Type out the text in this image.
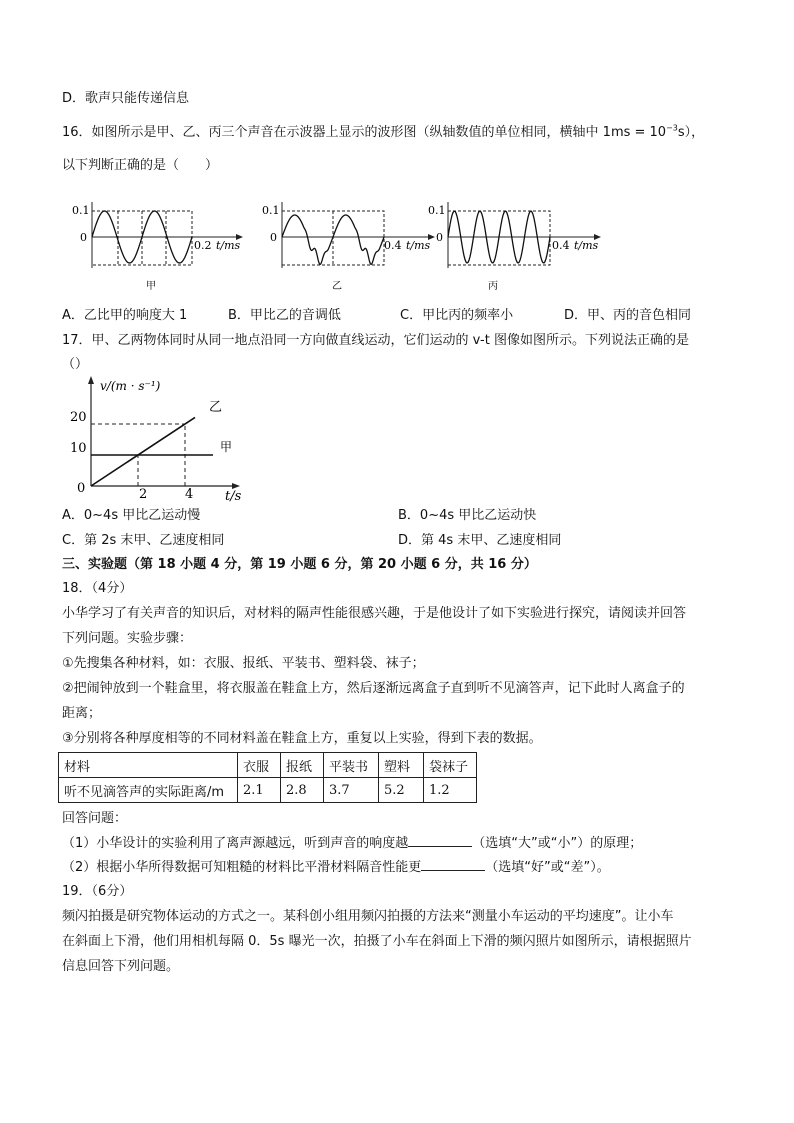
D．歌声只能传递信息
16．如图所示是甲、乙、丙三个声音在示波器上显示的波形图（纵轴数值的单位相同，横轴中 $1ms = 10^{-3}s$），
以下判断正确的是（　　）
0.1
0
0.2 t/ms
甲
0.1
0
0.4 t/ms
乙
0.1
0
0.4 t/ms
丙
A．乙比甲的响度大 1	B．甲比乙的音调低	C．甲比丙的频率小	D．甲、丙的音色相同
17．甲、乙两物体同时从同一地点沿同一方向做直线运动，它们运动的 v-t 图像如图所示。下列说法正确的是
（）
v/(m · s⁻¹)
20
10
0	2	4 t/s
乙
甲
A．0~4s 甲比乙运动慢	B．0~4s 甲比乙运动快
C．第 2s 末甲、乙速度相同	D．第 4s 末甲、乙速度相同
三、实验题（第 18 小题 4 分，第 19 小题 6 分，第 20 小题 6 分，共 16 分）
18．（4分）
小华学习了有关声音的知识后，对材料的隔声性能很感兴趣，于是他设计了如下实验进行探究，请阅读并回答
下列问题。实验步骤：
①先搜集各种材料，如：衣服、报纸、平装书、塑料袋、袜子；
②把闹钟放到一个鞋盒里，将衣服盖在鞋盒上方，然后逐渐远离盒子直到听不见滴答声，记下此时人离盒子的
距离；
③分别将各种厚度相等的不同材料盖在鞋盒上方，重复以上实验，得到下表的数据。
材料	衣服	报纸	平装书	塑料	袋袜子
听不见滴答声的实际距离/m	2.1	2.8	3.7	5.2	1.2
回答问题：
（1）小华设计的实验利用了离声源越远，听到声音的响度越	（选填“大”或“小”）的原理；
（2）根据小华所得数据可知粗糙的材料比平滑材料隔音性能更	（选填“好”或“差”）。
19．（6分）
频闪拍摄是研究物体运动的方式之一。某科创小组用频闪拍摄的方法来“测量小车运动的平均速度”。让小车
在斜面上下滑，他们用相机每隔 0．5s 曝光一次，拍摄了小车在斜面上下滑的频闪照片如图所示，请根据照片
信息回答下列问题。
